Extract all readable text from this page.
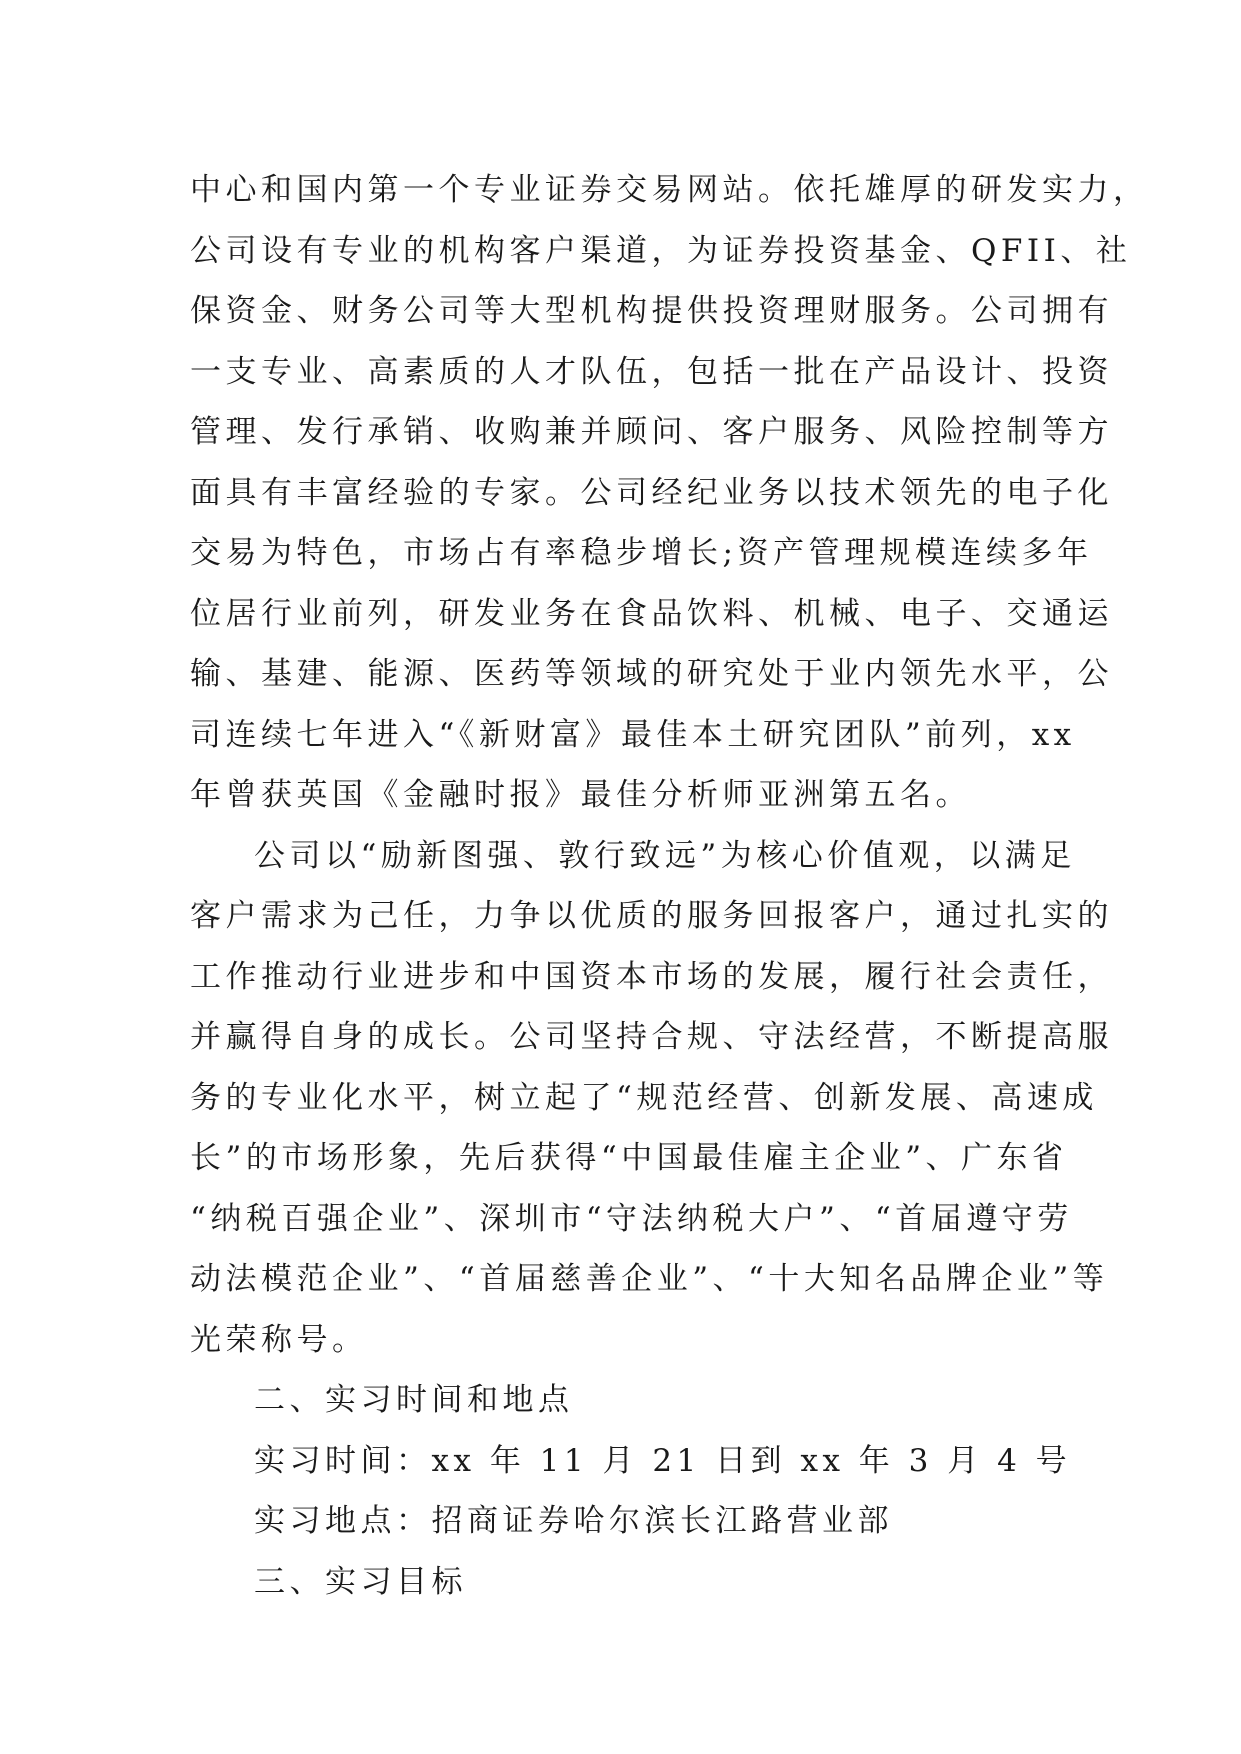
中心和国内第一个专业证券交易网站。依托雄厚的研发实力，
公司设有专业的机构客户渠道，为证券投资基金、QFII、社
保资金、财务公司等大型机构提供投资理财服务。公司拥有
一支专业、高素质的人才队伍，包括一批在产品设计、投资
管理、发行承销、收购兼并顾问、客户服务、风险控制等方
面具有丰富经验的专家。公司经纪业务以技术领先的电子化
交易为特色，市场占有率稳步增长;资产管理规模连续多年
位居行业前列，研发业务在食品饮料、机械、电子、交通运
输、基建、能源、医药等领域的研究处于业内领先水平，公
司连续七年进入“《新财富》最佳本土研究团队”前列，xx
年曾获英国《金融时报》最佳分析师亚洲第五名。
公司以“励新图强、敦行致远”为核心价值观，以满足
客户需求为己任，力争以优质的服务回报客户，通过扎实的
工作推动行业进步和中国资本市场的发展，履行社会责任，
并赢得自身的成长。公司坚持合规、守法经营，不断提高服
务的专业化水平，树立起了“规范经营、创新发展、高速成
长”的市场形象，先后获得“中国最佳雇主企业”、广东省
“纳税百强企业”、深圳市“守法纳税大户”、“首届遵守劳
动法模范企业”、“首届慈善企业”、“十大知名品牌企业”等
光荣称号。
二、实习时间和地点
实习时间：xx 年 11 月 21 日到 xx 年 3 月 4 号
实习地点：招商证券哈尔滨长江路营业部
三、实习目标
